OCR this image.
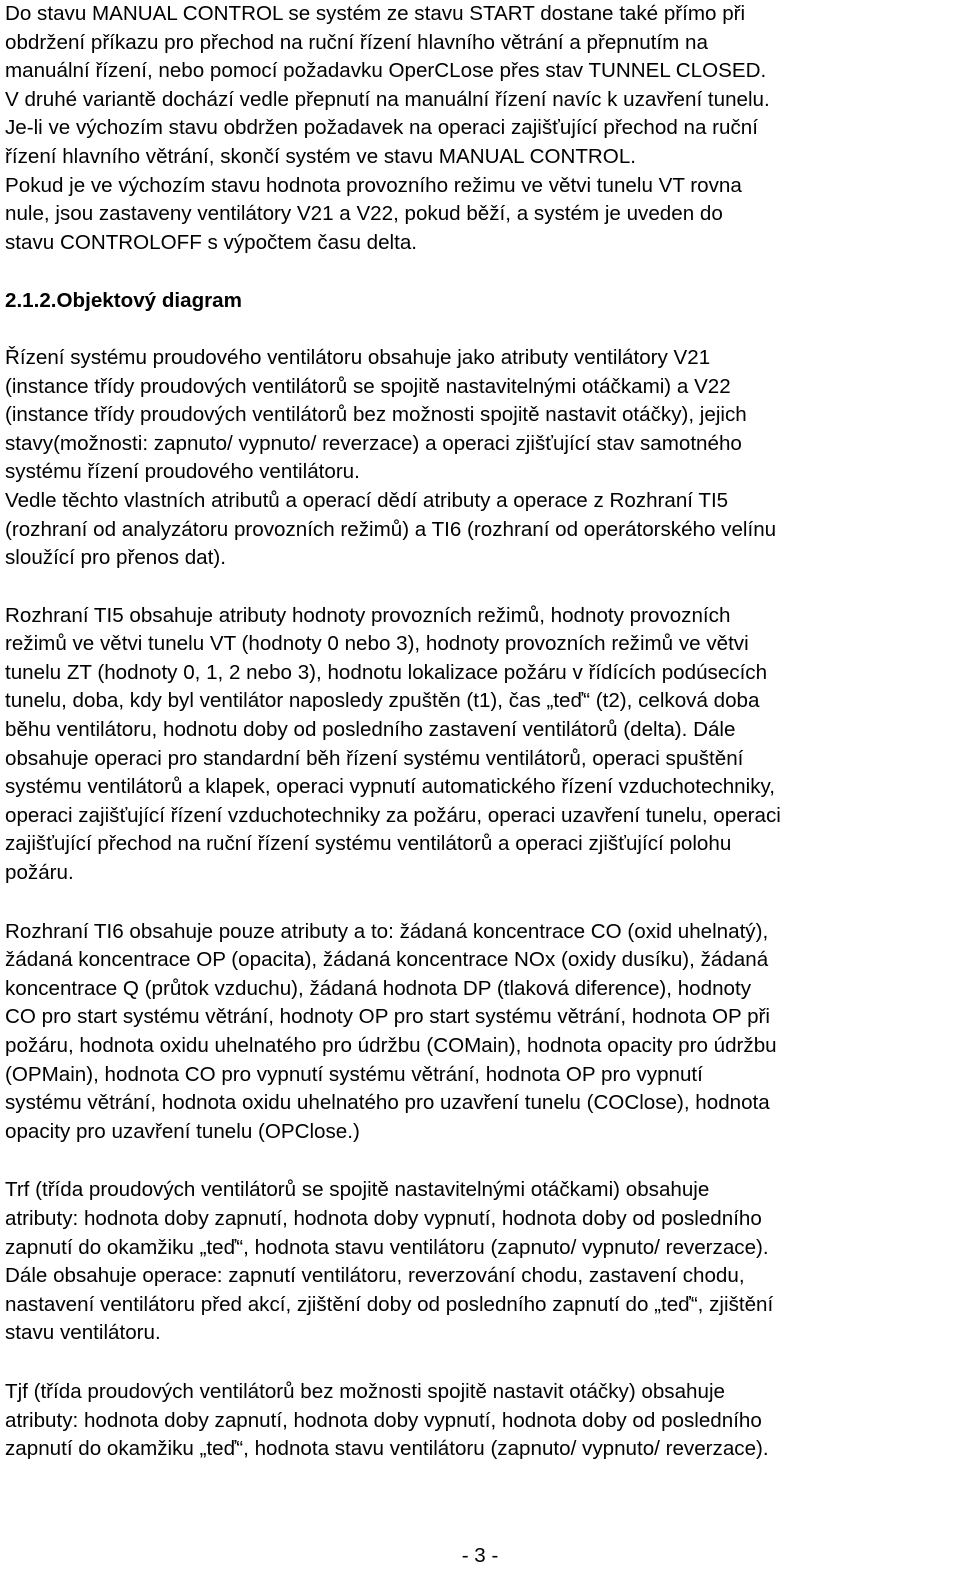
Do stavu MANUAL CONTROL se systém ze stavu START dostane také přímo při
obdržení příkazu pro přechod na ruční řízení hlavního větrání a přepnutím na
manuální řízení, nebo pomocí požadavku OperCLose přes stav TUNNEL CLOSED.
V druhé variantě dochází vedle přepnutí na manuální řízení navíc k uzavření tunelu.

Je-li ve výchozím stavu obdržen požadavek na operaci zajišťující přechod na ruční
řízení hlavního větrání, skončí systém ve stavu MANUAL CONTROL.

Pokud je ve výchozím stavu hodnota provozního režimu ve větvi tunelu VT rovna
nule, jsou zastaveny ventilátory V21 a V22, pokud běží, a systém je uveden do
stavu CONTROLOFF s výpočtem času delta.

2.1.2.Objektový diagram

Řízení systému proudového ventilátoru obsahuje jako atributy ventilátory V21
(instance třídy proudových ventilátorů se spojitě nastavitelnými otáčkami) a V22
(instance třídy proudových ventilátorů bez možnosti spojitě nastavit otáčky), jejich
stavy(možnosti: zapnuto/ vypnuto/ reverzace) a operaci zjišťující stav samotného
systému řízení proudového ventilátoru.

Vedle těchto vlastních atributů a operací dědí atributy a operace z Rozhraní TI5
(rozhraní od analyzátoru provozních režimů) a TI6 (rozhraní od operátorského velínu
sloužící pro přenos dat).

Rozhraní TI5 obsahuje atributy hodnoty provozních režimů, hodnoty provozních
režimů ve větvi tunelu VT (hodnoty 0 nebo 3), hodnoty provozních režimů ve větvi
tunelu ZT (hodnoty 0, 1, 2 nebo 3), hodnotu lokalizace požáru v řídících podúsecích
tunelu, doba, kdy byl ventilátor naposledy zpuštěn (t1), čas „teď“ (t2), celková doba
běhu ventilátoru, hodnotu doby od posledního zastavení ventilátorů (delta). Dále
obsahuje operaci pro standardní běh řízení systému ventilátorů, operaci spuštění
systému ventilátorů a klapek, operaci vypnutí automatického řízení vzduchotechniky,
operaci zajišťující řízení vzduchotechniky za požáru, operaci uzavření tunelu, operaci
zajišťující přechod na ruční řízení systému ventilátorů a operaci zjišťující polohu
požáru.

Rozhraní TI6 obsahuje pouze atributy a to: žádaná koncentrace CO (oxid uhelnatý),
žádaná koncentrace OP (opacita), žádaná koncentrace NOx (oxidy dusíku), žádaná
koncentrace Q (průtok vzduchu), žádaná hodnota DP (tlaková diference), hodnoty
CO pro start systému větrání, hodnoty OP pro start systému větrání, hodnota OP při
požáru, hodnota oxidu uhelnatého pro údržbu (COMain), hodnota opacity pro údržbu
(OPMain), hodnota CO pro vypnutí systému větrání, hodnota OP pro vypnutí
systému větrání, hodnota oxidu uhelnatého pro uzavření tunelu (COClose), hodnota
opacity pro uzavření tunelu (OPClose.)

Trf (třída proudových ventilátorů se spojitě nastavitelnými otáčkami) obsahuje
atributy: hodnota doby zapnutí, hodnota doby vypnutí, hodnota doby od posledního
zapnutí do okamžiku „teď“, hodnota stavu ventilátoru (zapnuto/ vypnuto/ reverzace).
Dále obsahuje operace: zapnutí ventilátoru, reverzování chodu, zastavení chodu,
nastavení ventilátoru před akcí, zjištění doby od posledního zapnutí do „teď“, zjištění
stavu ventilátoru.

Tjf (třída proudových ventilátorů bez možnosti spojitě nastavit otáčky) obsahuje
atributy: hodnota doby zapnutí, hodnota doby vypnutí, hodnota doby od posledního
zapnutí do okamžiku „teď“, hodnota stavu ventilátoru (zapnuto/ vypnuto/ reverzace).

- 3 -
